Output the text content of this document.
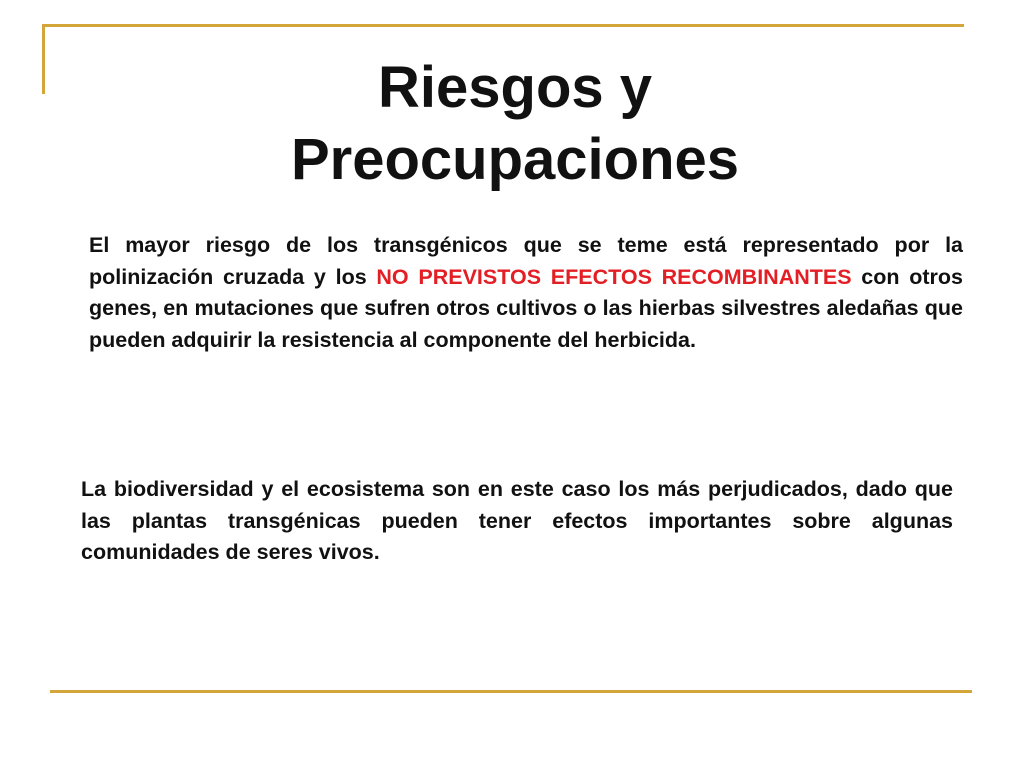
Riesgos y
Preocupaciones

El mayor riesgo de los transgénicos que se teme está representado por la polinización cruzada y los NO PREVISTOS EFECTOS RECOMBINANTES con otros genes, en mutaciones que sufren otros cultivos o las hierbas silvestres aledañas que pueden adquirir la resistencia al componente del herbicida.

La biodiversidad y el ecosistema son en este caso los más perjudicados, dado que las plantas transgénicas pueden tener efectos importantes sobre algunas comunidades de seres vivos.
